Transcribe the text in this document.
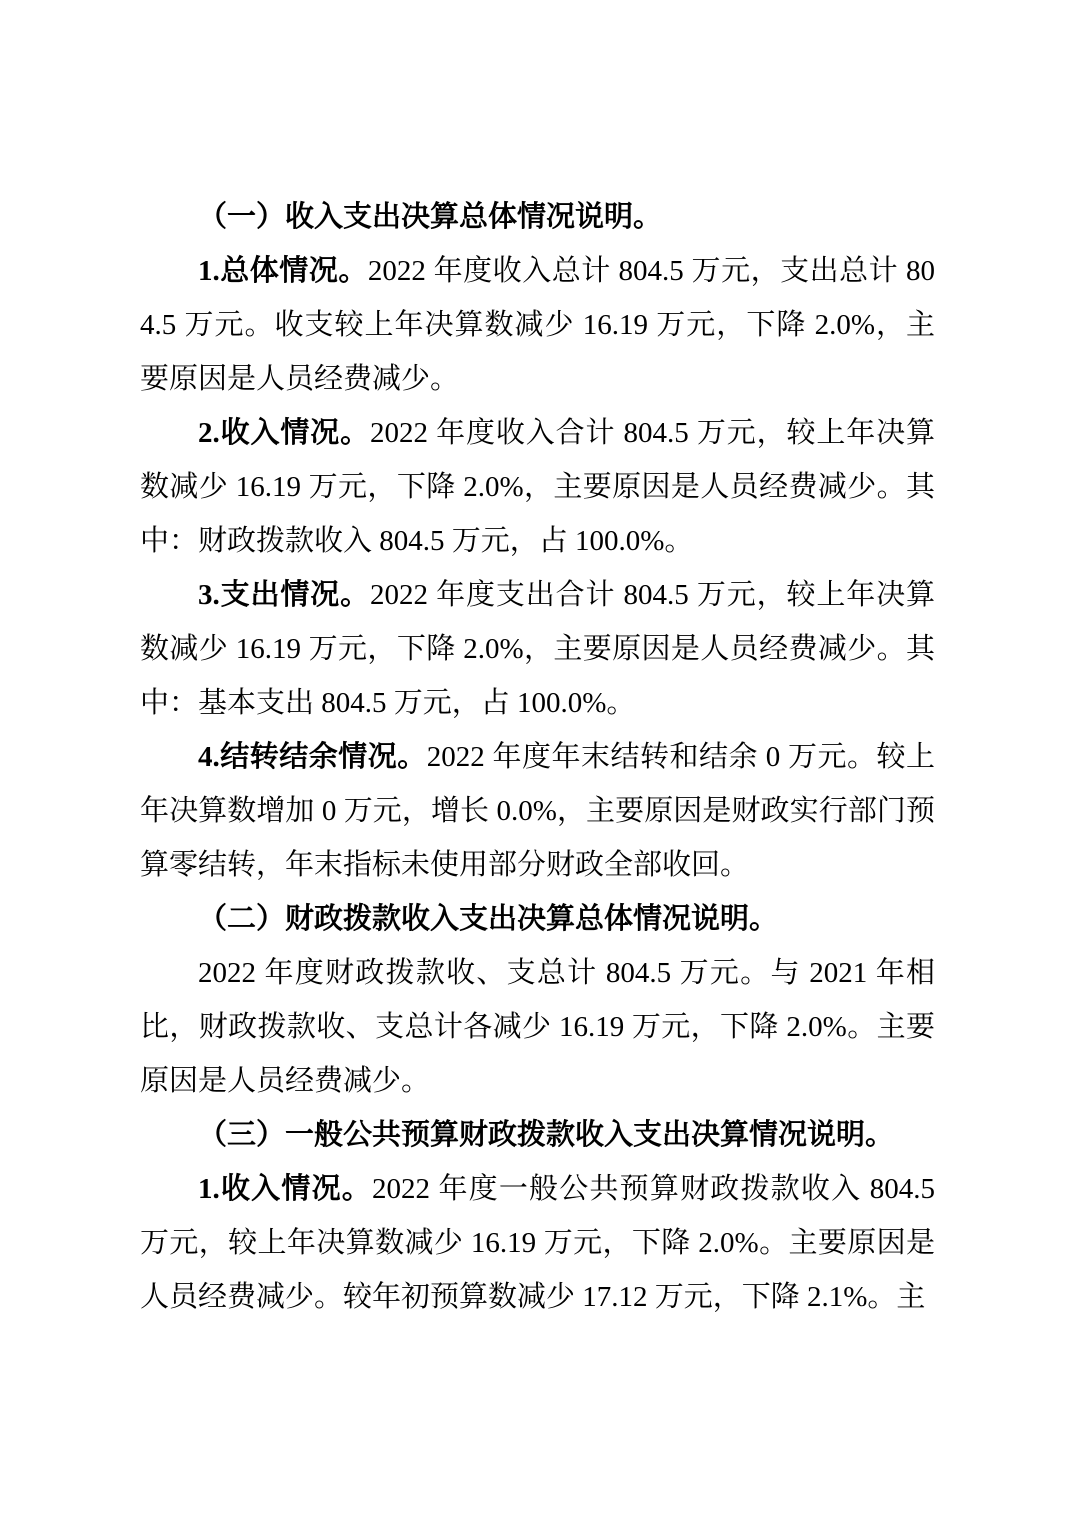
（一）收入支出决算总体情况说明。

1.总体情况。2022 年度收入总计 804.5 万元，支出总计 804.5 万元。收支较上年决算数减少 16.19 万元，下降 2.0%，主要原因是人员经费减少。

2.收入情况。2022 年度收入合计 804.5 万元，较上年决算数减少 16.19 万元，下降 2.0%，主要原因是人员经费减少。其中：财政拨款收入 804.5 万元，占 100.0%。

3.支出情况。2022 年度支出合计 804.5 万元，较上年决算数减少 16.19 万元，下降 2.0%，主要原因是人员经费减少。其中：基本支出 804.5 万元，占 100.0%。

4.结转结余情况。2022 年度年末结转和结余 0 万元。较上年决算数增加 0 万元，增长 0.0%，主要原因是财政实行部门预算零结转，年末指标未使用部分财政全部收回。

（二）财政拨款收入支出决算总体情况说明。

2022 年度财政拨款收、支总计 804.5 万元。与 2021 年相比，财政拨款收、支总计各减少 16.19 万元，下降 2.0%。主要原因是人员经费减少。

（三）一般公共预算财政拨款收入支出决算情况说明。

1.收入情况。2022 年度一般公共预算财政拨款收入 804.5 万元，较上年决算数减少 16.19 万元，下降 2.0%。主要原因是人员经费减少。较年初预算数减少 17.12 万元，下降 2.1%。主
